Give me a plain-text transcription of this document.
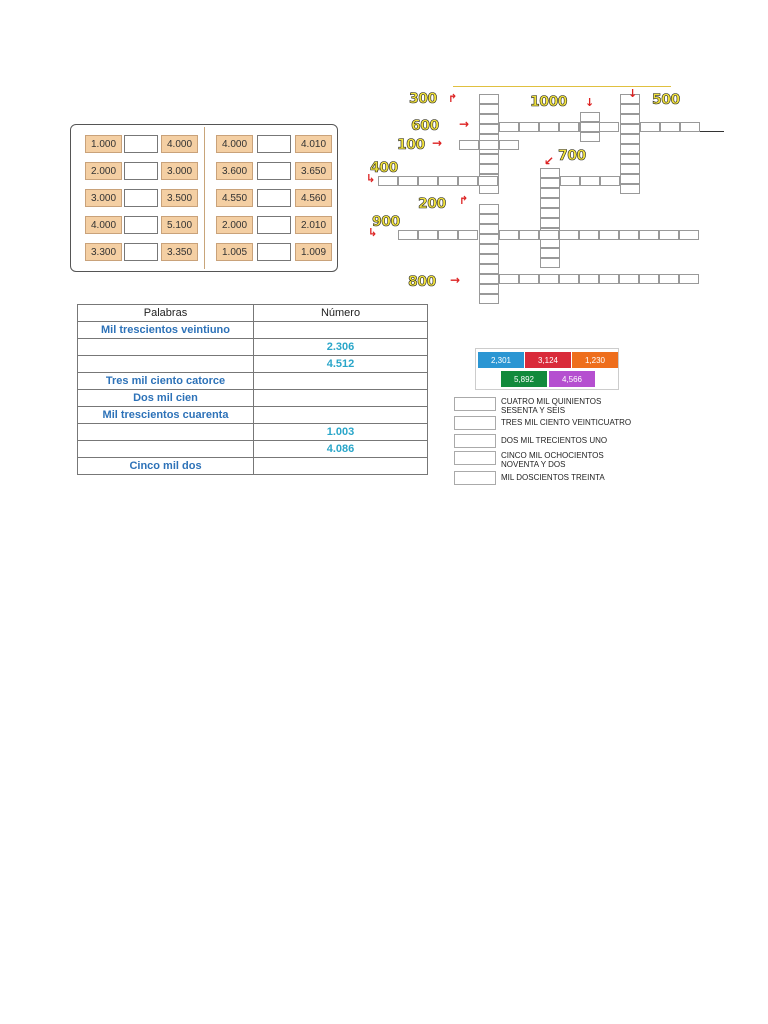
1.000	4.000
2.000	3.000
3.000	3.500
4.000	5.100
3.300	3.350
4.000	4.010
3.600	3.650
4.550	4.560
2.000	2.010
1.005	1.009
300 ↱	1000 ↓	500
↓
600 →
100 →
700
↙
400
↳
200 ↱
900
↳
800 →
Palabras	Número
Mil trescientos veintiuno	
	2.306
	4.512
Tres mil ciento catorce	
Dos mil cien	
Mil trescientos cuarenta	
	1.003
	4.086
Cinco mil dos	
2,301	3,124	1,230
5,892	4,566
CUATRO MIL QUINIENTOS
SESENTA Y SEIS
TRES MIL CIENTO VEINTICUATRO
DOS MIL TRECIENTOS UNO
CINCO MIL OCHOCIENTOS
NOVENTA Y DOS
MIL DOSCIENTOS TREINTA
